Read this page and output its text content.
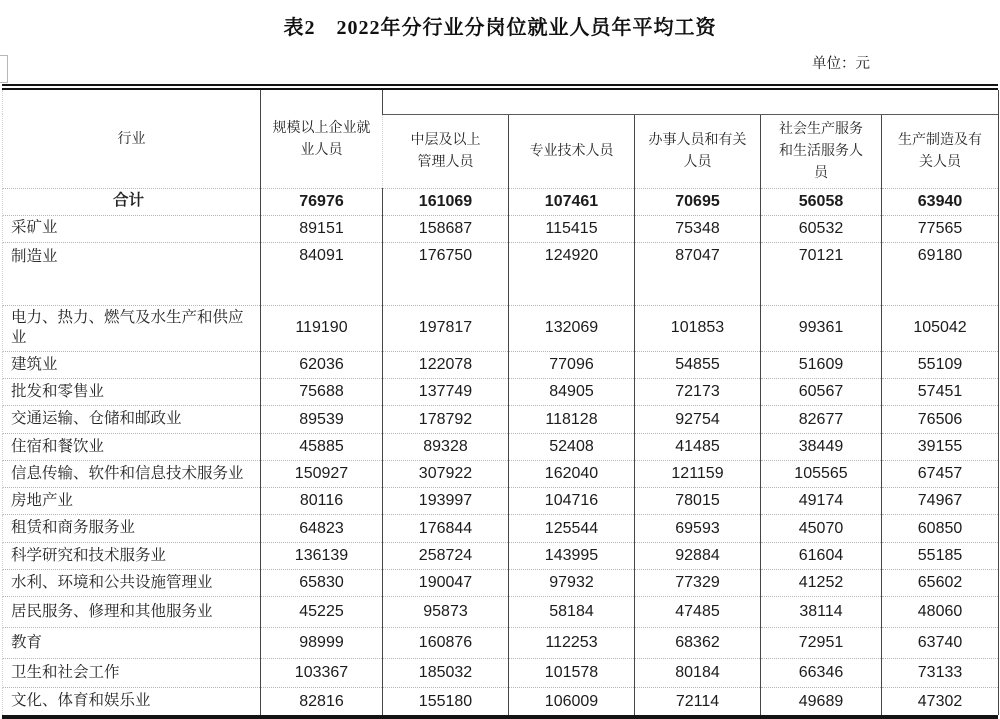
表2　2022年分行业分岗位就业人员年平均工资
单位：元
行业	规模以上企业就业人员					
		中层及以上管理人员	专业技术人员	办事人员和有关人员	社会生产服务和生活服务人员	生产制造及有关人员
合计	76976	161069	107461	70695	56058	63940
采矿业	89151	158687	115415	75348	60532	77565
制造业	84091	176750	124920	87047	70121	69180
电力、热力、燃气及水生产和供应业	119190	197817	132069	101853	99361	105042
建筑业	62036	122078	77096	54855	51609	55109
批发和零售业	75688	137749	84905	72173	60567	57451
交通运输、仓储和邮政业	89539	178792	118128	92754	82677	76506
住宿和餐饮业	45885	89328	52408	41485	38449	39155
信息传输、软件和信息技术服务业	150927	307922	162040	121159	105565	67457
房地产业	80116	193997	104716	78015	49174	74967
租赁和商务服务业	64823	176844	125544	69593	45070	60850
科学研究和技术服务业	136139	258724	143995	92884	61604	55185
水利、环境和公共设施管理业	65830	190047	97932	77329	41252	65602
居民服务、修理和其他服务业	45225	95873	58184	47485	38114	48060
教育	98999	160876	112253	68362	72951	63740
卫生和社会工作	103367	185032	101578	80184	66346	73133
文化、体育和娱乐业	82816	155180	106009	72114	49689	47302
